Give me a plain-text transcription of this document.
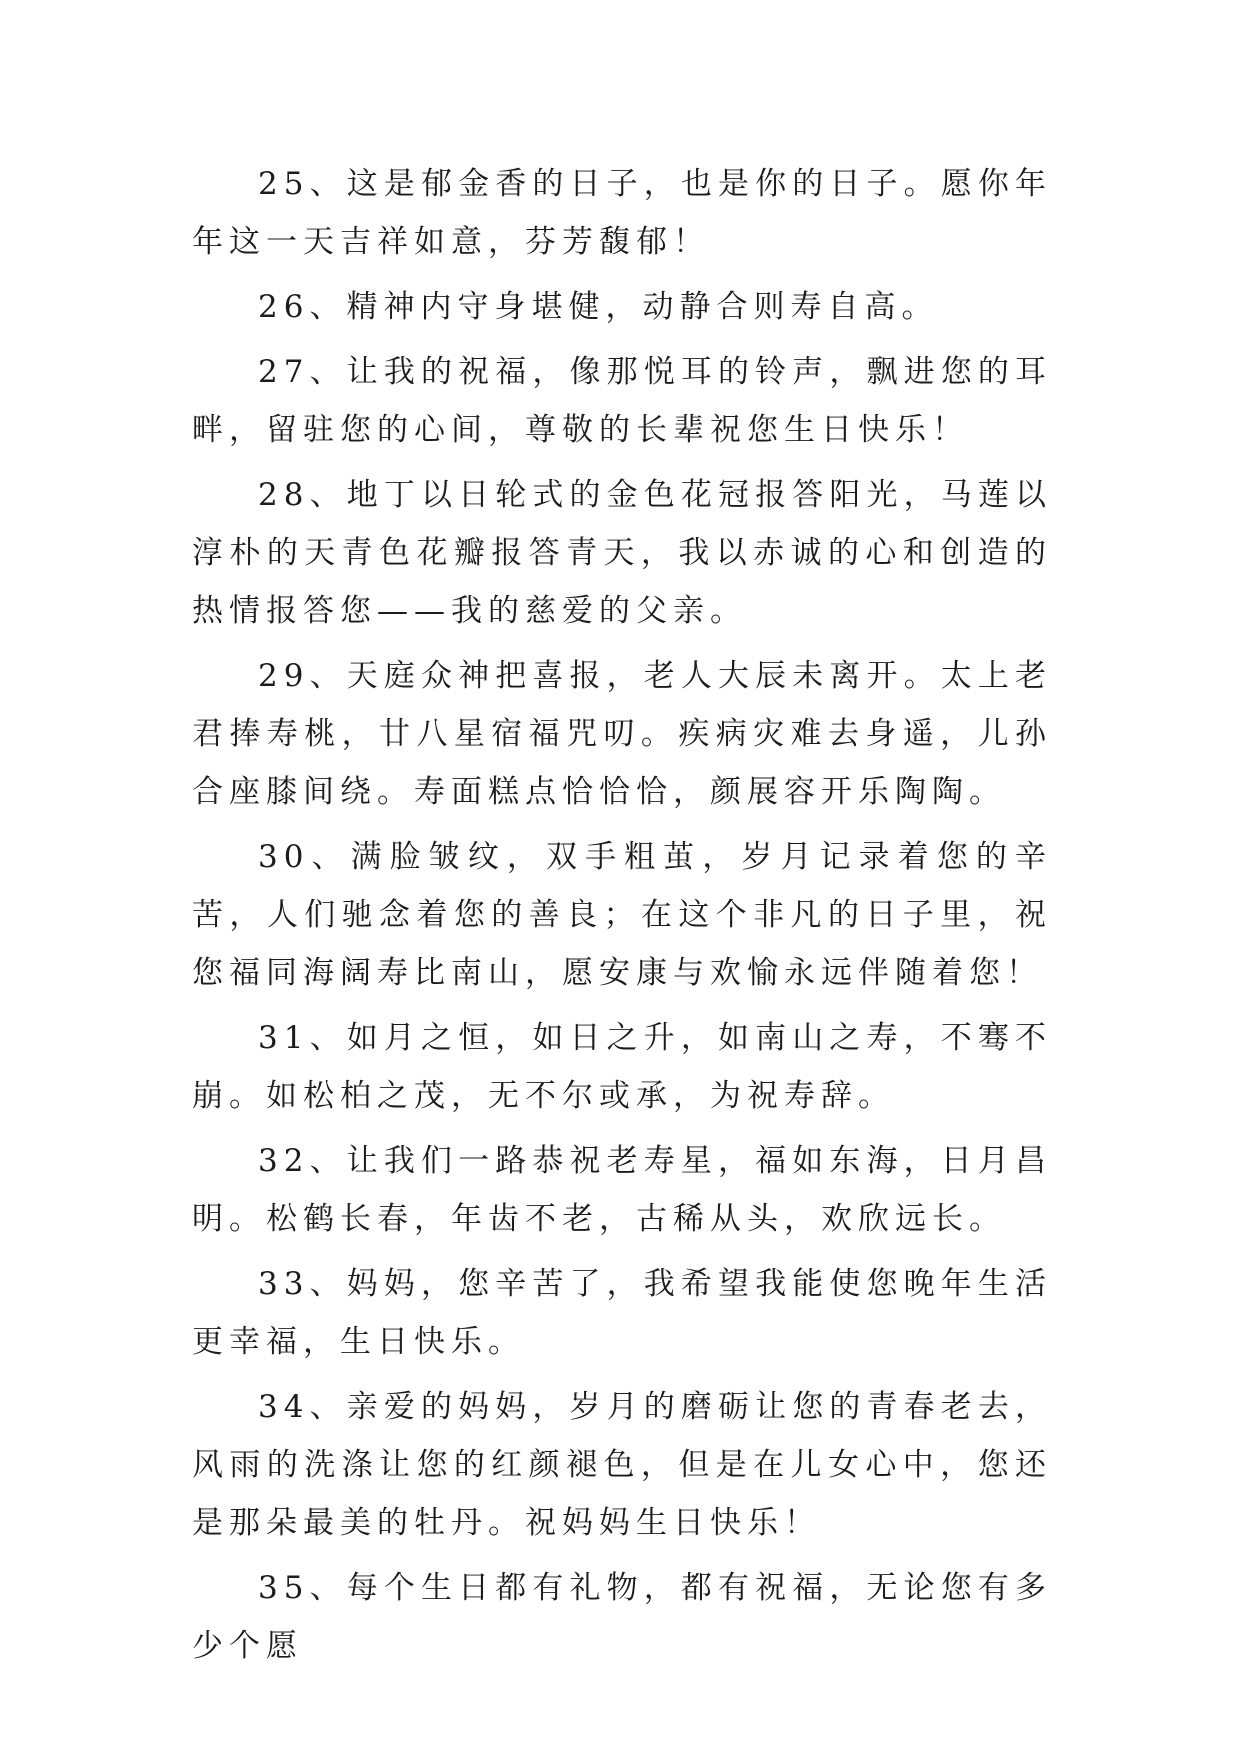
25、这是郁金香的日子，也是你的日子。愿你年年这一天吉祥如意，芬芳馥郁！

26、精神内守身堪健，动静合则寿自高。

27、让我的祝福，像那悦耳的铃声，飘进您的耳畔，留驻您的心间，尊敬的长辈祝您生日快乐！

28、地丁以日轮式的金色花冠报答阳光，马莲以淳朴的天青色花瓣报答青天，我以赤诚的心和创造的热情报答您——我的慈爱的父亲。

29、天庭众神把喜报，老人大辰未离开。太上老君捧寿桃，廿八星宿福咒叨。疾病灾难去身遥，儿孙合座膝间绕。寿面糕点恰恰恰，颜展容开乐陶陶。

30、满脸皱纹，双手粗茧，岁月记录着您的辛苦，人们驰念着您的善良；在这个非凡的日子里，祝您福同海阔寿比南山，愿安康与欢愉永远伴随着您！

31、如月之恒，如日之升，如南山之寿，不骞不崩。如松柏之茂，无不尔或承，为祝寿辞。

32、让我们一路恭祝老寿星，福如东海，日月昌明。松鹤长春，年齿不老，古稀从头，欢欣远长。

33、妈妈，您辛苦了，我希望我能使您晚年生活更幸福，生日快乐。

34、亲爱的妈妈，岁月的磨砺让您的青春老去，风雨的洗涤让您的红颜褪色，但是在儿女心中，您还是那朵最美的牡丹。祝妈妈生日快乐！

35、每个生日都有礼物，都有祝福，无论您有多少个愿
